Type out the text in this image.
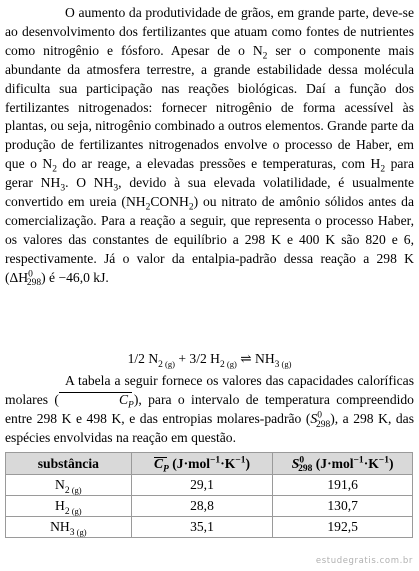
O aumento da produtividade de grãos, em grande parte, deve-se ao desenvolvimento dos fertilizantes que atuam como fontes de nutrientes como nitrogênio e fósforo. Apesar de o $N_2$ ser o componente mais abundante da atmosfera terrestre, a grande estabilidade dessa molécula dificulta sua participação nas reações biológicas. Daí a função dos fertilizantes nitrogenados: fornecer nitrogênio de forma acessível às plantas, ou seja, nitrogênio combinado a outros elementos. Grande parte da produção de fertilizantes nitrogenados envolve o processo de Haber, em que o $N_2$ do ar reage, a elevadas pressões e temperaturas, com $H_2$ para gerar $NH_3$. O $NH_3$, devido à sua elevada volatilidade, é usualmente convertido em ureia $(NH_2CONH_2)$ ou nitrato de amônio sólidos antes da comercialização. Para a reação a seguir, que representa o processo Haber, os valores das constantes de equilíbrio a 298 K e 400 K são 820 e 6, respectivamente. Já o valor da entalpia-padrão dessa reação a 298 K $(\Delta H^0_{298})$ é −46,0 kJ.

1/2 $N_{2 (g)} + 3/2$ $H_{2 (g)}$ ⇌ $NH_{3 (g)}$

A tabela a seguir fornece os valores das capacidades caloríficas molares (	$C_P$), para o intervalo de temperatura compreendido entre 298 K e 498 K, e das entropias molares-padrão $(S^0_{298})$, a 298 K, das espécies envolvidas na reação em questão.

substância	$C_P$ $(J\cdot mol^{-1}\cdot K^{-1})$	$S^0_{298}$ $(J\cdot mol^{-1}\cdot K^{-1})$
$N_{2 (g)}$	29,1	191,6
$H_{2 (g)}$	28,8	130,7
$NH_{3 (g)}$	35,1	192,5
estudegratis.com.br
